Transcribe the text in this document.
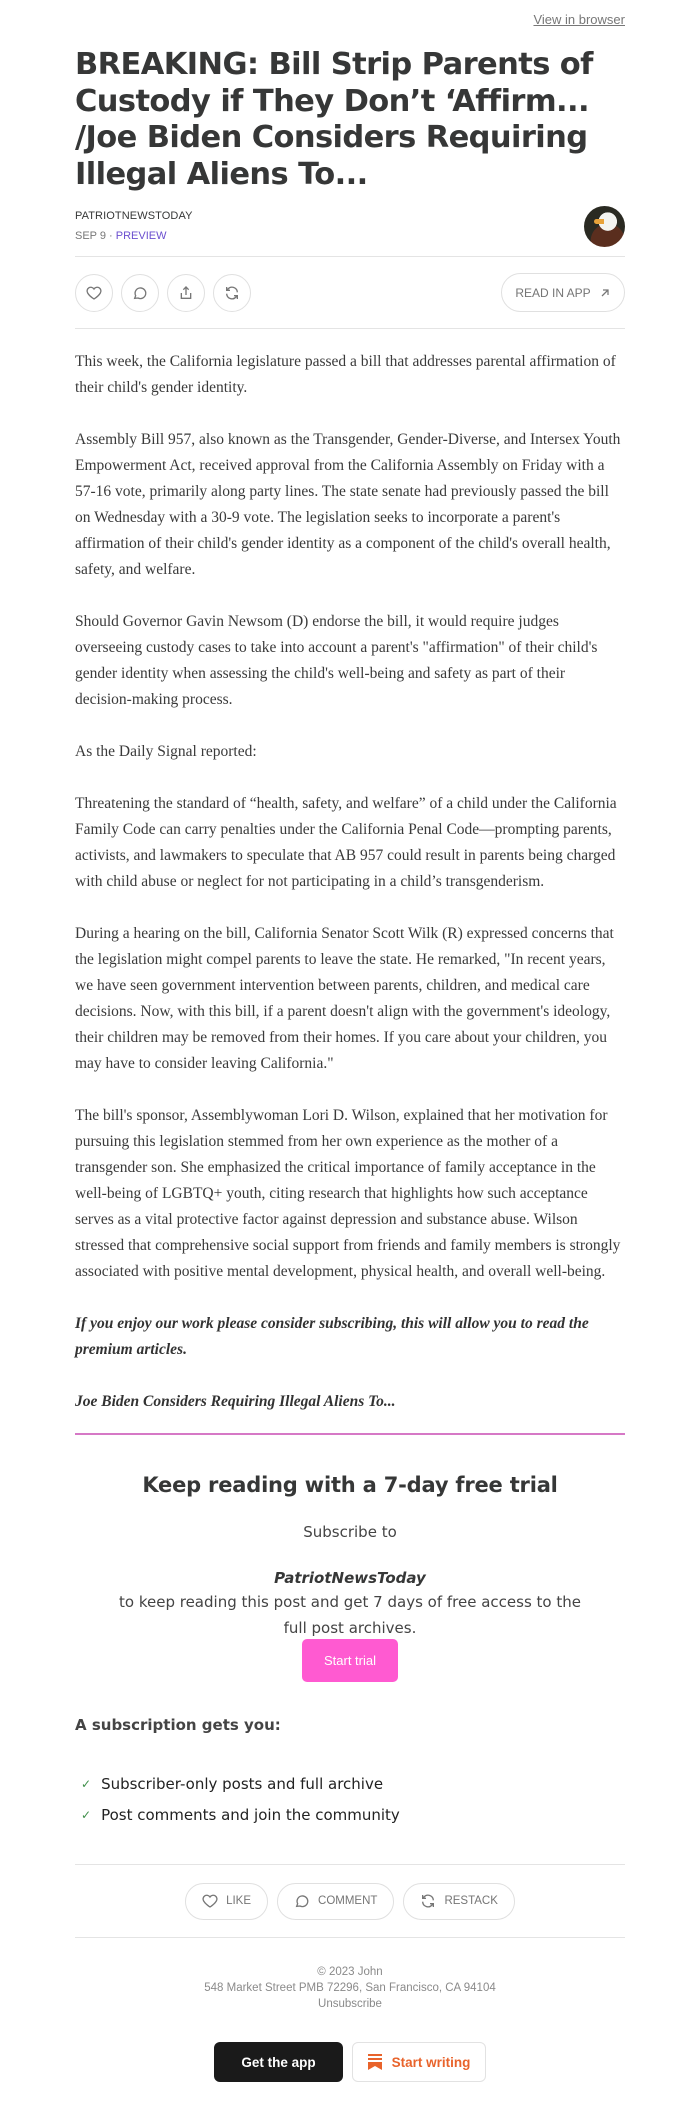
View in browser
BREAKING: Bill Strip Parents of Custody if They Don’t ‘Affirm... /Joe Biden Considers Requiring Illegal Aliens To...
PATRIOTNEWSTODAY
SEP 9 · PREVIEW
READ IN APP

This week, the California legislature passed a bill that addresses parental affirmation of their child's gender identity.

Assembly Bill 957, also known as the Transgender, Gender-Diverse, and Intersex Youth Empowerment Act, received approval from the California Assembly on Friday with a 57-16 vote, primarily along party lines. The state senate had previously passed the bill on Wednesday with a 30-9 vote. The legislation seeks to incorporate a parent's affirmation of their child's gender identity as a component of the child's overall health, safety, and welfare.

Should Governor Gavin Newsom (D) endorse the bill, it would require judges overseeing custody cases to take into account a parent's "affirmation" of their child's gender identity when assessing the child's well-being and safety as part of their decision-making process.

As the Daily Signal reported:

Threatening the standard of “health, safety, and welfare” of a child under the California Family Code can carry penalties under the California Penal Code—prompting parents, activists, and lawmakers to speculate that AB 957 could result in parents being charged with child abuse or neglect for not participating in a child’s transgenderism.

During a hearing on the bill, California Senator Scott Wilk (R) expressed concerns that the legislation might compel parents to leave the state. He remarked, "In recent years, we have seen government intervention between parents, children, and medical care decisions. Now, with this bill, if a parent doesn't align with the government's ideology, their children may be removed from their homes. If you care about your children, you may have to consider leaving California."

The bill's sponsor, Assemblywoman Lori D. Wilson, explained that her motivation for pursuing this legislation stemmed from her own experience as the mother of a transgender son. She emphasized the critical importance of family acceptance in the well-being of LGBTQ+ youth, citing research that highlights how such acceptance serves as a vital protective factor against depression and substance abuse. Wilson stressed that comprehensive social support from friends and family members is strongly associated with positive mental development, physical health, and overall well-being.

If you enjoy our work please consider subscribing, this will allow you to read the premium articles.

Joe Biden Considers Requiring Illegal Aliens To...

Keep reading with a 7-day free trial
Subscribe to
PatriotNewsToday
to keep reading this post and get 7 days of free access to the full post archives.
Start trial
A subscription gets you:
✓ Subscriber-only posts and full archive
✓ Post comments and join the community
LIKE	COMMENT	RESTACK
© 2023 John
548 Market Street PMB 72296, San Francisco, CA 94104
Unsubscribe
Get the app	Start writing
